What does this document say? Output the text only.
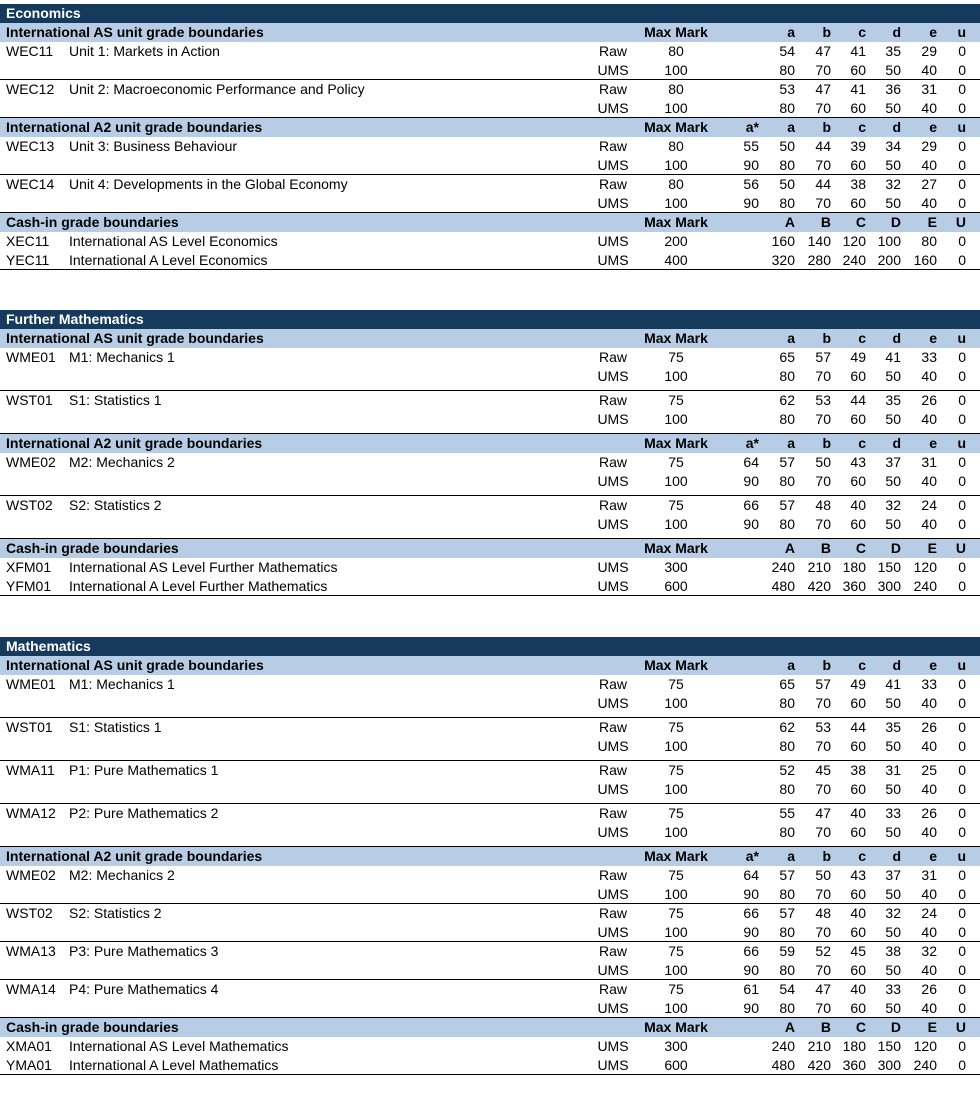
Economics
International AS unit grade boundaries	Max Mark	a	b	c	d	e	u
WEC11 Unit 1: Markets in Action	Raw	80	54	47	41	35	29	0
UMS	100	80	70	60	50	40	0
WEC12 Unit 2: Macroeconomic Performance and Policy	Raw	80	53	47	41	36	31	0
UMS	100	80	70	60	50	40	0
International A2 unit grade boundaries	Max Mark	a*	a	b	c	d	e	u
WEC13 Unit 3: Business Behaviour	Raw	80	55	50	44	39	34	29	0
UMS	100	90	80	70	60	50	40	0
WEC14 Unit 4: Developments in the Global Economy	Raw	80	56	50	44	38	32	27	0
UMS	100	90	80	70	60	50	40	0
Cash-in grade boundaries	Max Mark	A	B	C	D	E	U
XEC11 International AS Level Economics	UMS	200	160 140 120 100	80	0
YEC11 International A Level Economics	UMS	400	320 280 240 200 160	0
Further Mathematics
International AS unit grade boundaries	Max Mark	a	b	c	d	e	u
WME01 M1: Mechanics 1	Raw	75	65	57	49	41	33	0
UMS	100	80	70	60	50	40	0
WST01 S1: Statistics 1	Raw	75	62	53	44	35	26	0
UMS	100	80	70	60	50	40	0
International A2 unit grade boundaries	Max Mark	a*	a	b	c	d	e	u
WME02 M2: Mechanics 2	Raw	75	64	57	50	43	37	31	0
UMS	100	90	80	70	60	50	40	0
WST02 S2: Statistics 2	Raw	75	66	57	48	40	32	24	0
UMS	100	90	80	70	60	50	40	0
Cash-in grade boundaries	Max Mark	A	B	C	D	E	U
XFM01 International AS Level Further Mathematics	UMS	300	240 210 180 150 120	0
YFM01 International A Level Further Mathematics	UMS	600	480 420 360 300 240	0
Mathematics
International AS unit grade boundaries	Max Mark	a	b	c	d	e	u
WME01 M1: Mechanics 1	Raw	75	65	57	49	41	33	0
UMS	100	80	70	60	50	40	0
WST01 S1: Statistics 1	Raw	75	62	53	44	35	26	0
UMS	100	80	70	60	50	40	0
WMA11 P1: Pure Mathematics 1	Raw	75	52	45	38	31	25	0
UMS	100	80	70	60	50	40	0
WMA12 P2: Pure Mathematics 2	Raw	75	55	47	40	33	26	0
UMS	100	80	70	60	50	40	0
International A2 unit grade boundaries	Max Mark	a*	a	b	c	d	e	u
WME02 M2: Mechanics 2	Raw	75	64	57	50	43	37	31	0
UMS	100	90	80	70	60	50	40	0
WST02 S2: Statistics 2	Raw	75	66	57	48	40	32	24	0
UMS	100	90	80	70	60	50	40	0
WMA13 P3: Pure Mathematics 3	Raw	75	66	59	52	45	38	32	0
UMS	100	90	80	70	60	50	40	0
WMA14 P4: Pure Mathematics 4	Raw	75	61	54	47	40	33	26	0
UMS	100	90	80	70	60	50	40	0
Cash-in grade boundaries	Max Mark	A	B	C	D	E	U
XMA01 International AS Level Mathematics	UMS	300	240 210 180 150 120	0
YMA01 International A Level Mathematics	UMS	600	480 420 360 300 240	0
